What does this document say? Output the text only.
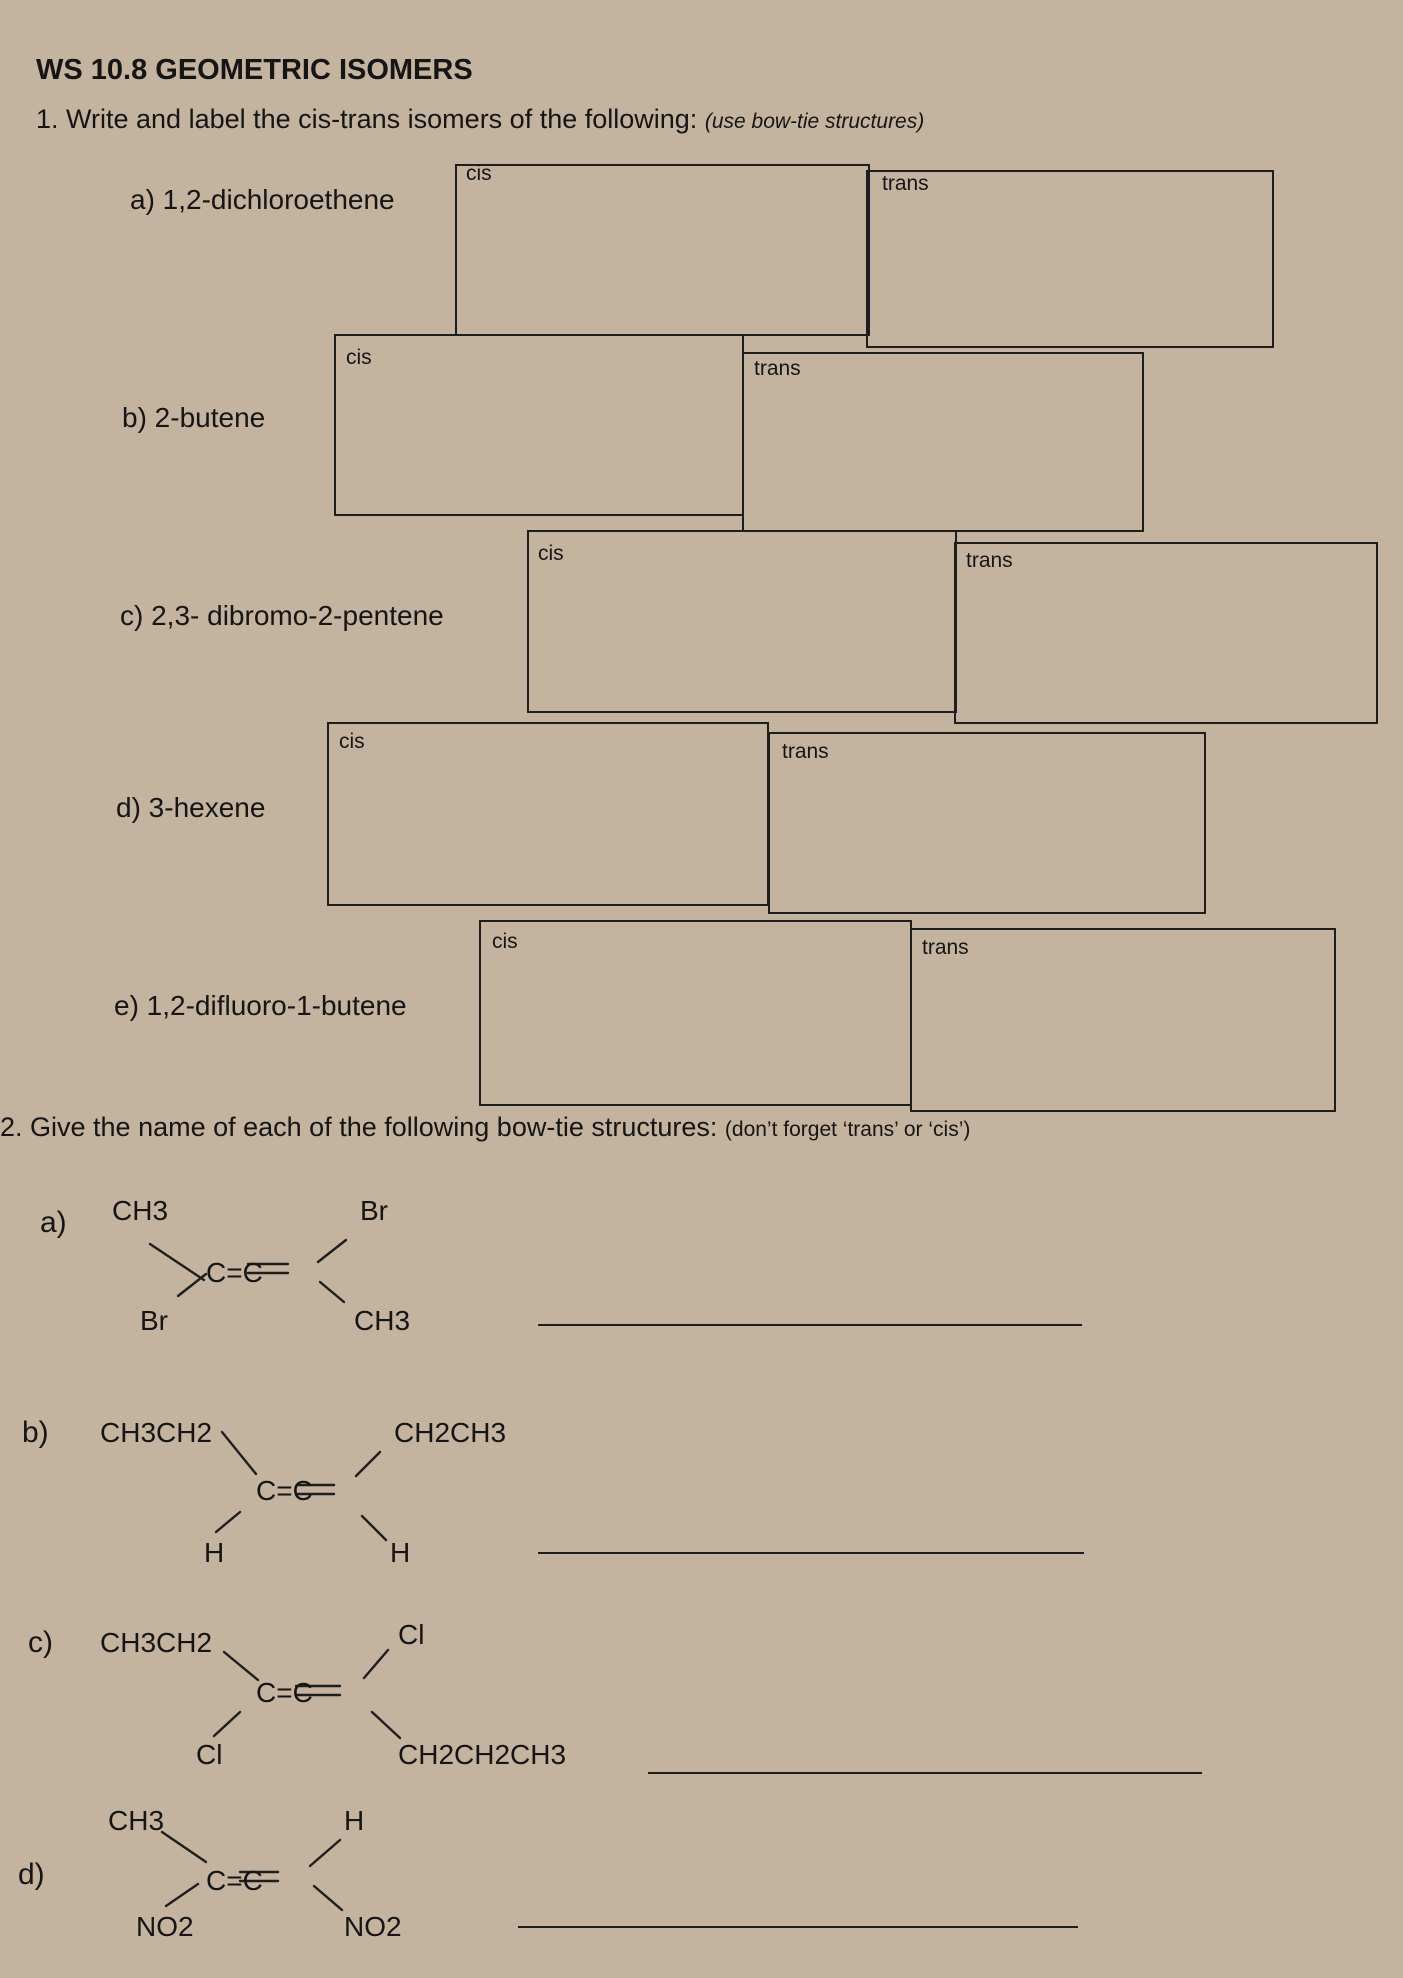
WS 10.8 GEOMETRIC ISOMERS
1. Write and label the cis-trans isomers of the following: (use bow-tie structures)
a) 1,2-dichloroethene
cis	trans
b) 2-butene
cis	trans
c) 2,3- dibromo-2-pentene
cis	trans
d) 3-hexene
cis	trans
e) 1,2-difluoro-1-butene
cis	trans
2. Give the name of each of the following bow-tie structures: (don’t forget ‘trans’ or ‘cis’)
a) CH3	Br
C=C
Br	CH3
b) CH3CH2	CH2CH3
C=C
H	H
c) CH3CH2	Cl
C=C
Cl	CH2CH2CH3
d)
CH3	H
C=C
NO2	NO2
